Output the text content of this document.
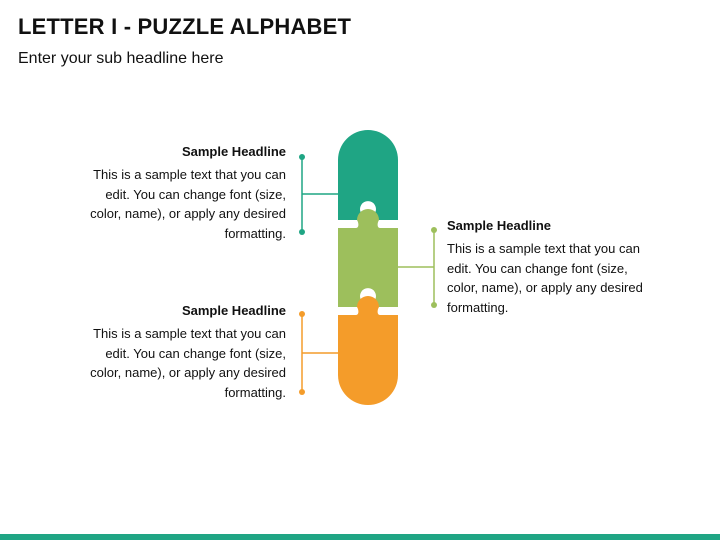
LETTER I - PUZZLE ALPHABET

Enter your sub headline here

Sample Headline
This is a sample text that you can edit. You can change font (size, color, name), or apply any desired formatting.	Sample Headline
This is a sample text that you can edit. You can change font (size, color, name), or apply any desired formatting.
Sample Headline
This is a sample text that you can edit. You can change font (size, color, name), or apply any desired formatting.
